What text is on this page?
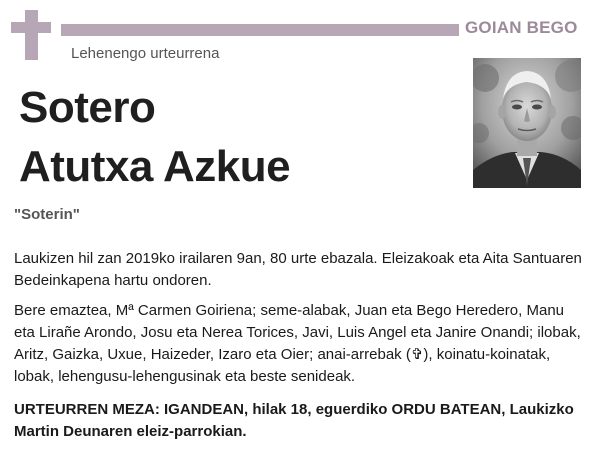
GOIAN BEGO
Lehenengo urteurrena
Sotero
Atutxa Azkue
"Soterin"

Laukizen hil zan 2019ko irailaren 9an, 80 urte ebazala. Eleizakoak eta Aita Santuaren Bedeinkapena hartu ondoren.

Bere emaztea, Mª Carmen Goiriena; seme-alabak, Juan eta Bego Heredero, Manu eta Lirañe Arondo, Josu eta Nerea Torices, Javi, Luis Angel eta Janire Onandi; ilobak, Aritz, Gaizka, Uxue, Haizeder, Izaro eta Oier; anai-arrebak (✞), koinatu-koinatak, lobak, lehengusu-lehengusinak eta beste senideak.

URTEURREN MEZA: IGANDEAN, hilak 18, eguerdiko ORDU BATEAN, Laukizko Martin Deunaren eleiz-parrokian.
